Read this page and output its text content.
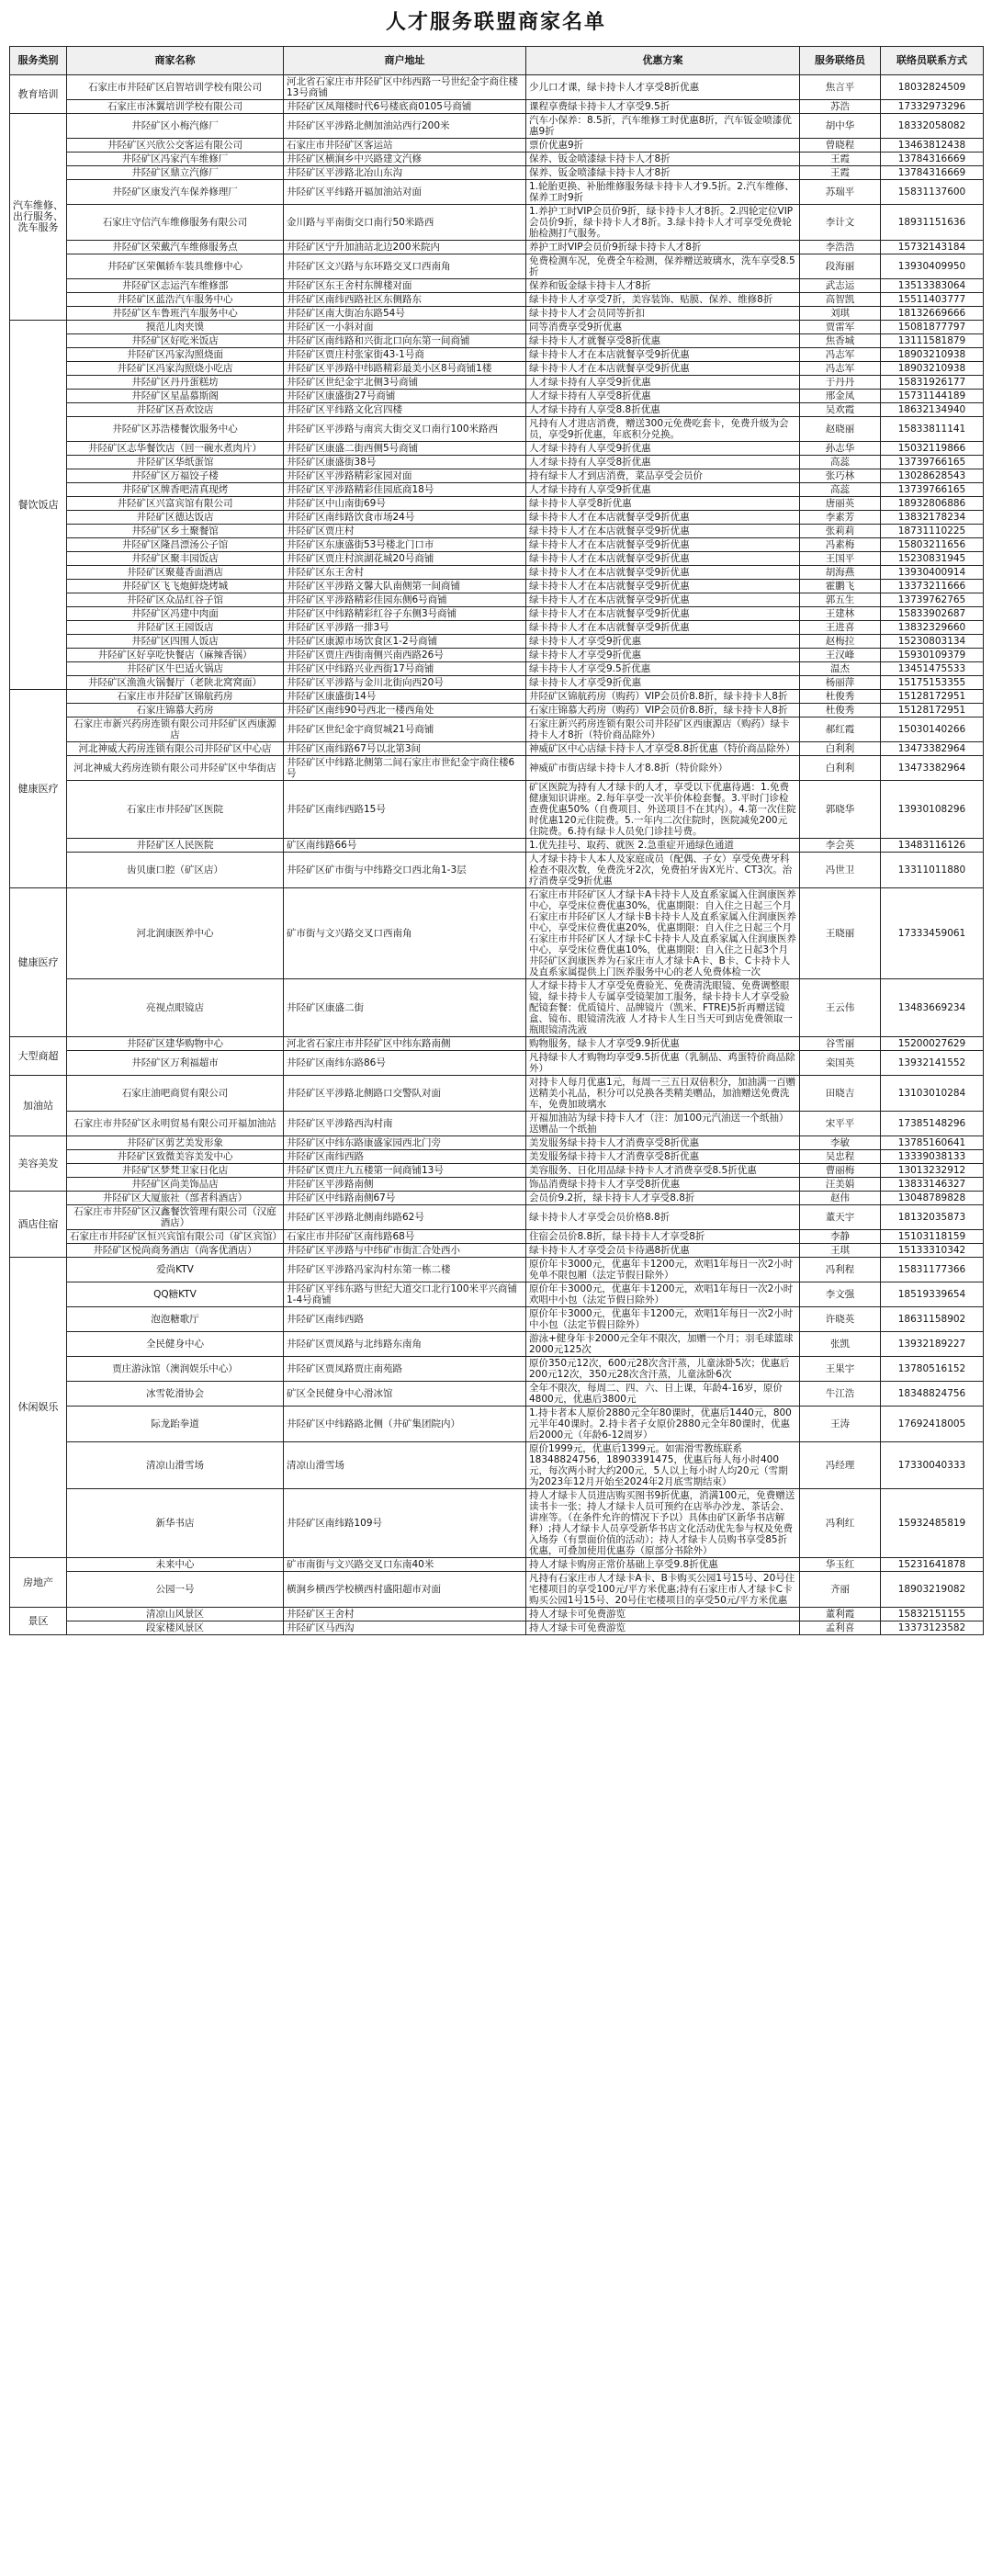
人才服务联盟商家名单
服务类别	商家名称	商户地址	优惠方案	服务联络员	联络员联系方式
教育培训	石家庄市井陉矿区启智培训学校有限公司	河北省石家庄市井陉矿区中纬西路一号世纪金宇商住楼13号商铺	少儿口才课，绿卡持卡人才享受8折优惠	焦言平	18032824509
	石家庄市沐翼培训学校有限公司	井陉矿区凤翔楼时代6号楼底商0105号商铺	课程享费绿卡持卡人才享受9.5折	苏浩	17332973296
汽车维修、出行服务、洗车服务	井陉矿区小梅汽修厂	井陉矿区平涉路北侧加油站西行200米	汽车小保养：8.5折，汽车维修工时优惠8折，汽车钣金喷漆优惠9折	胡中华	18332058082
	井陉矿区兴欣公交客运有限公司	石家庄市井陉矿区客运站	票价优惠9折	曾晓程	13463812438
	井陉矿区冯家汽车维修厂	井陉矿区横涧乡中兴路建文汽修	保养、钣金喷漆绿卡持卡人才8折	王霞	13784316669
	井陉矿区鼎立汽修厂	井陉矿区平涉路北冶山东沟	保养、钣金喷漆绿卡持卡人才8折	王霞	13784316669
	井陉矿区康发汽车保养修理厂	井陉矿区平纬路开福加油站对面	1.轮胎更换、补胎维修服务绿卡持卡人才9.5折。2.汽车维修、保养工时9折	苏瑞平	15831137600
	石家庄守信汽车维修服务有限公司	金川路与平南街交口南行50米路西	1.养护工时VIP会员价9折，绿卡持卡人才8折。2.四轮定位VIP会员价9折，绿卡持卡人才8折。3.绿卡持卡人才可享受免费轮胎检测打气服务。	李计文	18931151636
	井陉矿区荣戴汽车维修服务点	井陉矿区宁升加油站北边200米院内	养护工时VIP会员价9折绿卡持卡人才8折	李浩浩	15732143184
	井陉矿区荣佩轿车装具维修中心	井陉矿区文兴路与东环路交叉口西南角	免费检测车况，免费全车检测，保养赠送玻璃水，洗车享受8.5折	段海丽	13930409950
	井陉矿区志运汽车维修部	井陉矿区东王舍村东牌楼对面	保养和钣金绿卡持卡人才8折	武志运	13513383064
	井陉矿区蓝浩汽车服务中心	井陉矿区南纬西路社区东侧路东	绿卡持卡人才享受7折，美容装饰、贴膜、保养、维修8折	高智凯	15511403777
	井陉矿区车鲁班汽车服务中心	井陉矿区南大街冶东路54号	绿卡持卡人才会员同等折扣	刘琪	18132669666
餐饮饭店	摸范儿肉夹馍	井陉矿区一小斜对面	同等消费享受9折优惠	贾雷军	15081877797
	井陉矿区好吃米饭店	井陉矿区南纬路和兴街北口向东第一间商铺	绿卡持卡人才就餐享受8折优惠	焦香城	13111581879
	井陉矿区冯家沟照烧面	井陉矿区贾庄村张家街43-1号商	绿卡持卡人才在本店就餐享受9折优惠	冯志军	18903210938
	井陉矿区冯家沟照烧小吃店	井陉矿区平涉路中纬路精彩最美小区8号商铺1楼	绿卡持卡人才在本店就餐享受9折优惠	冯志军	18903210938
	井陉矿区丹丹蛋糕坊	井陉矿区世纪金宇北侧3号商铺	人才绿卡持有人享受9折优惠	于丹丹	15831926177
	井陉矿区星晶慕斯阁	井陉矿区康盛街27号商铺	人才绿卡持有人享受8折优惠	邢金凤	15731144189
	井陉矿区吾欢饺店	井陉矿区平纬路文化宫四楼	人才绿卡持有人享受8.8折优惠	吴欢霞	18632134940
	井陉矿区苏浩楼餐饮服务中心	井陉矿区平涉路与南宾大街交叉口南行100米路西	凡持有人才进店消费，赠送300元免费吃套卡，免费升级为会员，享受9折优惠，年底积分兑换。	赵晓丽	15833811141
	井陉矿区志华餐饮店（回一碗水煮肉片）	井陉矿区康盛二街西侧5号商铺	人才绿卡持有人享受9折优惠	孙志华	15032119866
	井陉矿区华纸蛋馆	井陉矿区康盛街38号	人才绿卡持有人享受8折优惠	高蕊	13739766165
	井陉矿区万福饺子楼	井陉矿区平涉路精彩家园对面	持有绿卡人才到店消费，菜品享受会员价	张巧林	13028628543
	井陉矿区牌香吧清真现烤	井陉矿区平涉路精彩佳园底商18号	人才绿卡持有人享受9折优惠	高蕊	13739766165
	井陉矿区兴富宾馆有限公司	井陉矿区中山南街69号	绿卡持卡人享受8折优惠	唐丽英	18932806886
	井陉矿区德达饭店	井陉矿区南纬路饮食市场24号	绿卡持卡人才在本店就餐享受9折优惠	李素芳	13832178234
	井陉矿区乡土聚餐馆	井陉矿区贾庄村	绿卡持卡人才在本店就餐享受9折优惠	张莉莉	18731110225
	井陉矿区隆昌漂汤公子馆	井陉矿区东康盛街53号楼北门口市	绿卡持卡人才在本店就餐享受9折优惠	冯素梅	15803211656
	井陉矿区聚丰园饭店	井陉矿区贾庄村滨湖花城20号商铺	绿卡持卡人才在本店就餐享受9折优惠	王国平	15230831945
	井陉矿区聚蔓香面酒店	井陉矿区东王舍村	绿卡持卡人才在本店就餐享受9折优惠	胡海燕	13930400914
	井陉矿区飞飞炮鲜烧烤城	井陉矿区平涉路文馨大队南侧第一间商铺	绿卡持卡人才在本店就餐享受9折优惠	霍鹏飞	13373211666
	井陉矿区众品红谷子馆	井陉矿区平涉路精彩佳园东侧6号商铺	绿卡持卡人才在本店就餐享受9折优惠	郭五生	13739762765
	井陉矿区冯建中肉面	井陉矿区中纬路精彩红谷子东侧3号商铺	绿卡持卡人才在本店就餐享受9折优惠	王建林	15833902687
	井陉矿区王园饭店	井陉矿区平涉路一排3号	绿卡持卡人才在本店就餐享受9折优惠	王进喜	13832329660
	井陉矿区四围人饭店	井陉矿区康源市场饮食区1-2号商铺	绿卡持卡人才享受9折优惠	赵梅拉	15230803134
	井陉矿区好享吃快餐店（麻辣香锅）	井陉矿区贾庄西街南侧兴南西路26号	绿卡持卡人才享受9折优惠	王汉峰	15930109379
	井陉矿区牛巴适火锅店	井陉矿区中纬路兴业西街17号商铺	绿卡持卡人才享受9.5折优惠	温杰	13451475533
	井陉矿区渔渔火锅餐厅（老陕北窝窝面）	井陉矿区平涉路与金川北街向西20号	绿卡持卡人才享受9折优惠	杨丽萍	15175153355
健康医疗	石家庄市井陉矿区锦航药房	井陉矿区康盛街14号	井陉矿区锦航药房（购药）VIP会员价8.8折，绿卡持卡人8折	杜俊秀	15128172951
	石家庄锦慕大药房	井陉矿区南纬90号西北一楼西角处	石家庄锦慕大药房（购药）VIP会员价8.8折，绿卡持卡人8折	杜俊秀	15128172951
	石家庄市新兴药房连锁有限公司井陉矿区西康源店	井陉矿区世纪金宇商贸城21号商铺	石家庄新兴药房连锁有限公司井陉矿区西康源店（购药）绿卡持卡人才8折（特价商品除外）	郝红霞	15030140266
	河北神威大药房连锁有限公司井陉矿区中心店	井陉矿区南纬路67号以北第3间	神威矿区中心店绿卡持卡人才享受8.8折优惠（特价商品除外）	白利利	13473382964
	河北神威大药房连锁有限公司井陉矿区中华街店	井陉矿区中纬路北侧第二间石家庄市世纪金宇商住楼6号	神威矿市街店绿卡持卡人才8.8折（特价除外）	白利利	13473382964
	石家庄市井陉矿区医院	井陉矿区南纬西路15号	矿区医院为持有人才绿卡的人才，享受以下优惠待遇：1.免费健康知识讲座。2.每年享受一次半价体检套餐。3.平时门诊检查费优惠50%（自费项目、外送项目不在其内）。4.第一次住院时优惠120元住院费。5.一年内二次住院时，医院减免200元住院费。6.持有绿卡人员免门诊挂号费。	郭晓华	13930108296
	井陉矿区人民医院	矿区南纬路66号	1.优先挂号、取药、就医 2.急重症开通绿色通道	李会英	13483116126
	齿贝康口腔（矿区店）	井陉矿区矿市街与中纬路交口西北角1-3层	人才绿卡持卡人本人及家庭成员（配偶、子女）享受免费牙科检查不限次数，免费洗牙2次，免费拍牙齿X光片、CT3次。治疗消费享受9折优惠	冯世卫	13311011880
健康医疗	河北润康医养中心	矿市街与文兴路交叉口西南角	石家庄市井陉矿区人才绿卡A卡持卡人及直系家属入住润康医养中心，享受床位费优惠30%，优惠期限：自入住之日起三个月 石家庄市井陉矿区人才绿卡B卡持卡人及直系家属入住润康医养中心，享受床位费优惠20%，优惠期限：自入住之日起三个月 石家庄市井陉矿区人才绿卡C卡持卡人及直系家属入住润康医养中心，享受床位费优惠10%，优惠期限：自入住之日起3个月 井陉矿区润康医养为石家庄市人才绿卡A卡、B卡、C卡持卡人及直系家属提供上门医养服务中心的老人免费体检一次	王晓丽	17333459061
	亮视点眼镜店	井陉矿区康盛二街	人才绿卡持卡人才享受免费验光、免费清洗眼镜、免费调整眼镜，绿卡持卡人专属享受镜架加工服务，绿卡持卡人才享受验配镜套餐：优质镜片、品牌镜片（凯米、FTRE)5折再赠送镜盒、镜布、眼镜清洗液 人才持卡人生日当天可到店免费领取一瓶眼镜清洗液	王云伟	13483669234
大型商超	井陉矿区建华购物中心	河北省石家庄市井陉矿区中纬东路南侧	购物服务，绿卡人才享受9.9折优惠	谷雪丽	15200027629
	井陉矿区万利福超市	井陉矿区南纬东路86号	凡持绿卡人才购物均享受9.5折优惠（乳制品、鸡蛋特价商品除外）	栾国英	13932141552
加油站	石家庄油吧商贸有限公司	井陉矿区平涉路北侧路口交警队对面	对持卡人每月优惠1元，每周一三五日双倍积分，加油满一百赠送精美小礼品，积分可以兑换各类精美赠品，加油赠送免费洗车，免费加玻璃水	田晓吉	13103010284
	石家庄市井陉矿区永明贸易有限公司开福加油站	井陉矿区平涉路西沟村南	开福加油站为绿卡持卡人才（注：加100元汽油送一个纸抽）送赠品一个纸抽	宋平平	17385148296
美容美发	井陉矿区剪艺美发形象	井陉矿区中纬东路康盛家园西北门旁	美发服务绿卡持卡人才消费享受8折优惠	李敏	13785160641
	井陉矿区致微美容美发中心	井陉矿区南纬西路	美发服务绿卡持卡人才消费享受8折优惠	吴忠程	13339038133
	井陉矿区梦梵卫家日化店	井陉矿区贾庄九五楼第一间商铺13号	美容服务、日化用品绿卡持卡人才消费享受8.5折优惠	曹丽梅	13013232912
	井陉矿区尚美饰品店	井陉矿区平涉路南侧	饰品消费绿卡持卡人才享受8折优惠	汪美娟	13833146327
酒店住宿	井陉矿区大厦旅社（部者科酒店）	井陉矿区中纬路南侧67号	会员价9.2折，绿卡持卡人才享受8.8折	赵伟	13048789828
	石家庄市井陉矿区汉鑫餐饮管理有限公司（汉庭酒店）	井陉矿区平涉路北侧南纬路62号	绿卡持卡人才享受会员价格8.8折	董天宇	18132035873
	石家庄市井陉矿区恒兴宾馆有限公司（矿区宾馆）	石家庄市井陉矿区南纬路68号	住宿会员价8.8折，绿卡持卡人才享受8折	李静	15103118159
	井陉矿区悦尚商务酒店（尚客优酒店）	井陉矿区平涉路与中纬矿市街汇合处西小	绿卡持卡人才享受会员卡待遇8折优惠	王琪	15133310342
休闲娱乐	爱尚KTV	井陉矿区平涉路冯家沟村东第一栋二楼	原价年卡3000元，优惠年卡1200元，欢唱1年每日一次2小时免单不限包厢（法定节假日除外）	冯利程	15831177366
	QQ糖KTV	井陉矿区平纬东路与世纪大道交口北行100米平兴商铺1-4号商铺	原价年卡3000元，优惠年卡1200元，欢唱1年每日一次2小时欢唱中小包（法定节假日除外）	李文强	18519339654
	泡泡糖歌厅	井陉矿区南纬西路	原价年卡3000元，优惠年卡1200元，欢唱1年每日一次2小时中小包（法定节假日除外）	许晓英	18631158902
	全民健身中心	井陉矿区贾凤路与北纬路东南角	游泳+健身年卡2000元全年不限次，加赠一个月；羽毛球篮球2000元125次	张凯	13932189227
	贾庄游泳馆（澳润娱乐中心）	井陉矿区贾凤路贾庄南苑路	原价350元12次，600元28次含汗蒸，儿童泳卧5次；优惠后200元12次，350元28次含汗蒸，儿童泳卧6次	王果宇	13780516152
	冰雪乾滑协会	矿区全民健身中心滑冰馆	全年不限次，每周二、四、六、日上课，年龄4-16岁，原价4800元，优惠后3800元	牛江浩	18348824756
	际龙跆拳道	井陉矿区中纬路路北侧（井矿集团院内）	1.持卡者本人原价2880元全年80课时，优惠后1440元，800元半年40课时。2.持卡者子女原价2880元全年80课时，优惠后2000元（年龄6-12周岁）	王涛	17692418005
	清凉山滑雪场	清凉山滑雪场	原价1999元，优惠后1399元。如需滑雪教练联系18348824756，18903391475，优惠后每人每小时400元，每次两小时大约200元，5人以上每小时人均20元（雪期为2023年12月开始至2024年2月底雪期结束）	冯经理	17330040333
	新华书店	井陉矿区南纬路109号	持人才绿卡人员进店购买图书9折优惠，消满100元，免费赠送读书卡一张；持人才绿卡人员可预约在店举办沙龙、茶话会、讲座等。（在条件允许的情况下予以）具体由矿区新华书店解释）;持人才绿卡人员享受新华书店文化活动优先参与权及免费入场券（有票面价值的活动）；持人才绿卡人员购书享受85折优惠，可叠加使用优惠券（原部分书除外）	冯利红	15932485819
房地产	未来中心	矿市南街与文兴路交叉口东南40米	持人才绿卡购房正常价基础上享受9.8折优惠	华玉红	15231641878
	公园一号	横涧乡横西学校横西村盛阳超市对面	凡持有石家庄市人才绿卡A卡、B卡购买公园1号15号、20号住宅楼项目的享受100元/平方米优惠;持有石家庄市人才绿卡C卡购买公园1号15号、20号住宅楼项目的享受50元/平方米优惠	齐丽	18903219082
景区	清凉山风景区	井陉矿区王舍村	持人才绿卡可免费游览	董利霞	15832151155
	段家楼风景区	井陉矿区马西沟	持人才绿卡可免费游览	孟利喜	13373123582
